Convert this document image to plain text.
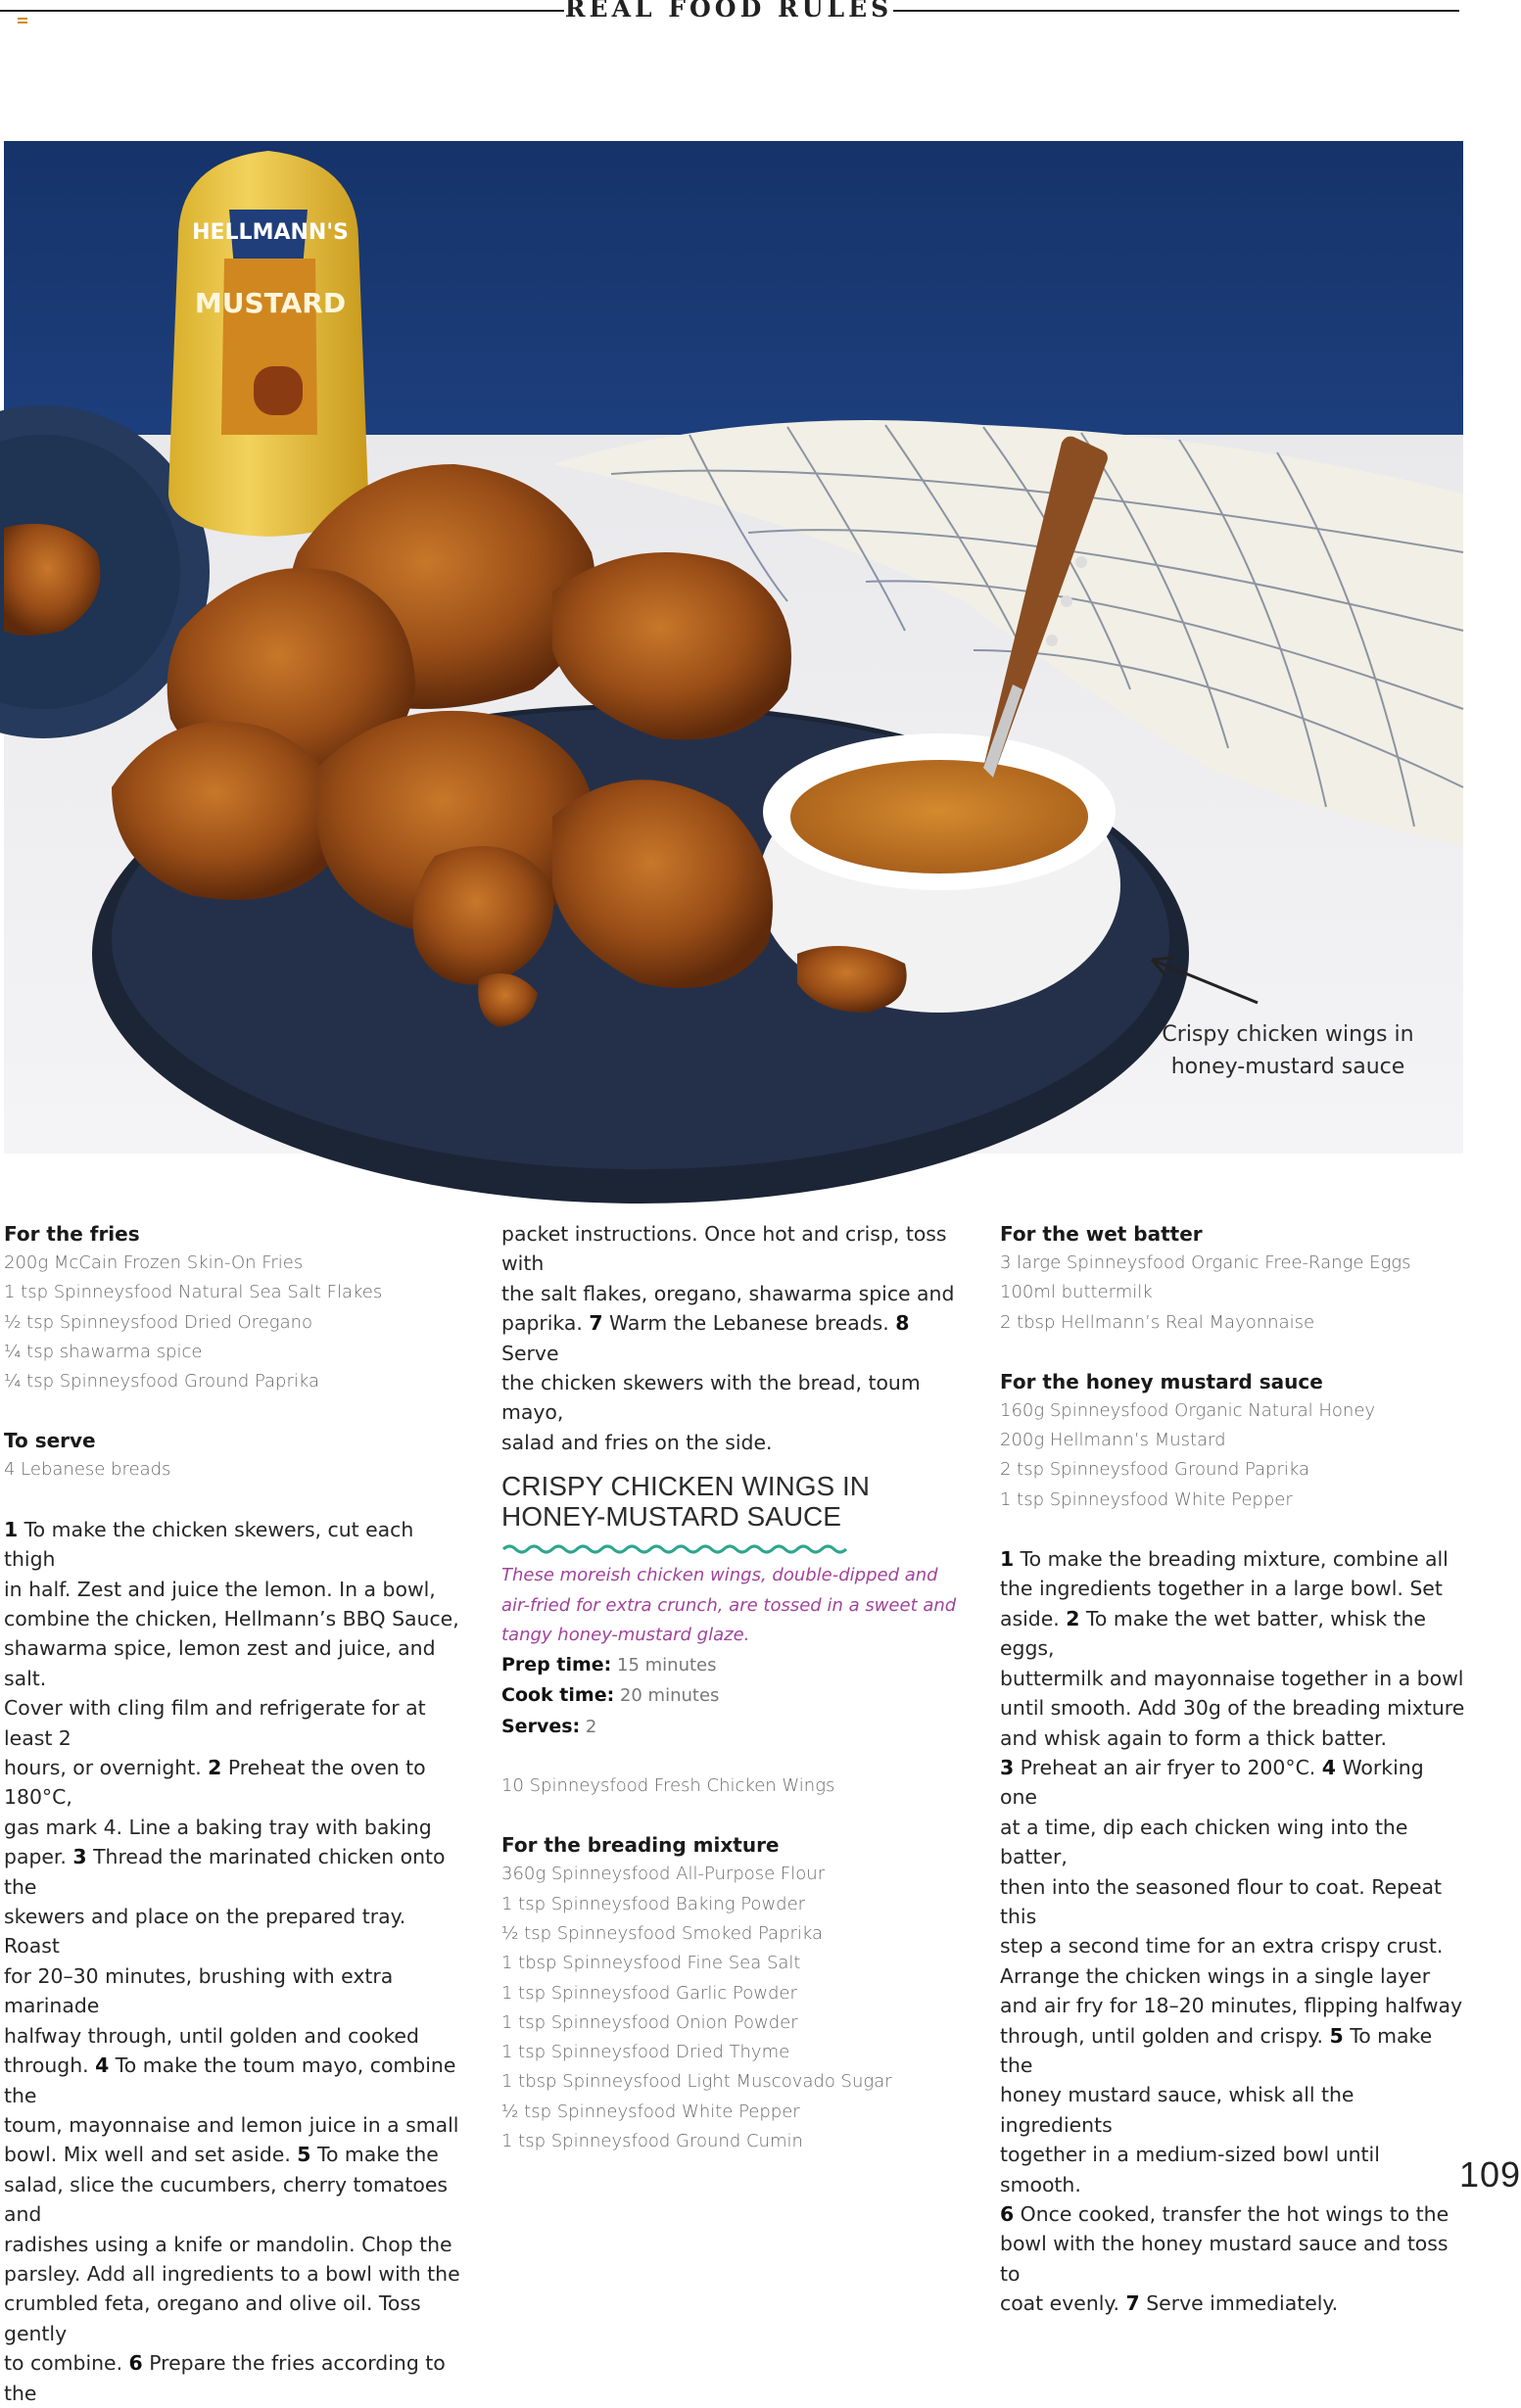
REAL FOOD RULES
HELLMANN'S
MUSTARD
Crispy chicken wings in
honey-mustard sauce
For the fries
200g McCain Frozen Skin-On Fries
1 tsp Spinneysfood Natural Sea Salt Flakes
½ tsp Spinneysfood Dried Oregano
¼ tsp shawarma spice
¼ tsp Spinneysfood Ground Paprika
To serve
4 Lebanese breads
1 To make the chicken skewers, cut each thigh
in half. Zest and juice the lemon. In a bowl,
combine the chicken, Hellmann’s BBQ Sauce,
shawarma spice, lemon zest and juice, and salt.
Cover with cling film and refrigerate for at least 2
hours, or overnight. 2 Preheat the oven to 180°C,
gas mark 4. Line a baking tray with baking
paper. 3 Thread the marinated chicken onto the
skewers and place on the prepared tray. Roast
for 20–30 minutes, brushing with extra marinade
halfway through, until golden and cooked
through. 4 To make the toum mayo, combine the
toum, mayonnaise and lemon juice in a small
bowl. Mix well and set aside. 5 To make the
salad, slice the cucumbers, cherry tomatoes and
radishes using a knife or mandolin. Chop the
parsley. Add all ingredients to a bowl with the
crumbled feta, oregano and olive oil. Toss gently
to combine. 6 Prepare the fries according to the
packet instructions. Once hot and crisp, toss with
the salt flakes, oregano, shawarma spice and
paprika. 7 Warm the Lebanese breads. 8 Serve
the chicken skewers with the bread, toum mayo,
salad and fries on the side.
CRISPY CHICKEN WINGS IN
HONEY-MUSTARD SAUCE
These moreish chicken wings, double-dipped and
air-fried for extra crunch, are tossed in a sweet and
tangy honey-mustard glaze.
Prep time: 15 minutes
Cook time: 20 minutes
Serves: 2
10 Spinneysfood Fresh Chicken Wings
For the breading mixture
360g Spinneysfood All-Purpose Flour
1 tsp Spinneysfood Baking Powder
½ tsp Spinneysfood Smoked Paprika
1 tbsp Spinneysfood Fine Sea Salt
1 tsp Spinneysfood Garlic Powder
1 tsp Spinneysfood Onion Powder
1 tsp Spinneysfood Dried Thyme
1 tbsp Spinneysfood Light Muscovado Sugar
½ tsp Spinneysfood White Pepper
1 tsp Spinneysfood Ground Cumin
For the wet batter
3 large Spinneysfood Organic Free-Range Eggs
100ml buttermilk
2 tbsp Hellmann’s Real Mayonnaise
For the honey mustard sauce
160g Spinneysfood Organic Natural Honey
200g Hellmann’s Mustard
2 tsp Spinneysfood Ground Paprika
1 tsp Spinneysfood White Pepper
1 To make the breading mixture, combine all
the ingredients together in a large bowl. Set
aside. 2 To make the wet batter, whisk the eggs,
buttermilk and mayonnaise together in a bowl
until smooth. Add 30g of the breading mixture
and whisk again to form a thick batter.
3 Preheat an air fryer to 200°C. 4 Working one
at a time, dip each chicken wing into the batter,
then into the seasoned flour to coat. Repeat this
step a second time for an extra crispy crust.
Arrange the chicken wings in a single layer
and air fry for 18–20 minutes, flipping halfway
through, until golden and crispy. 5 To make the
honey mustard sauce, whisk all the ingredients
together in a medium-sized bowl until smooth.
6 Once cooked, transfer the hot wings to the
bowl with the honey mustard sauce and toss to
coat evenly. 7 Serve immediately.
109
